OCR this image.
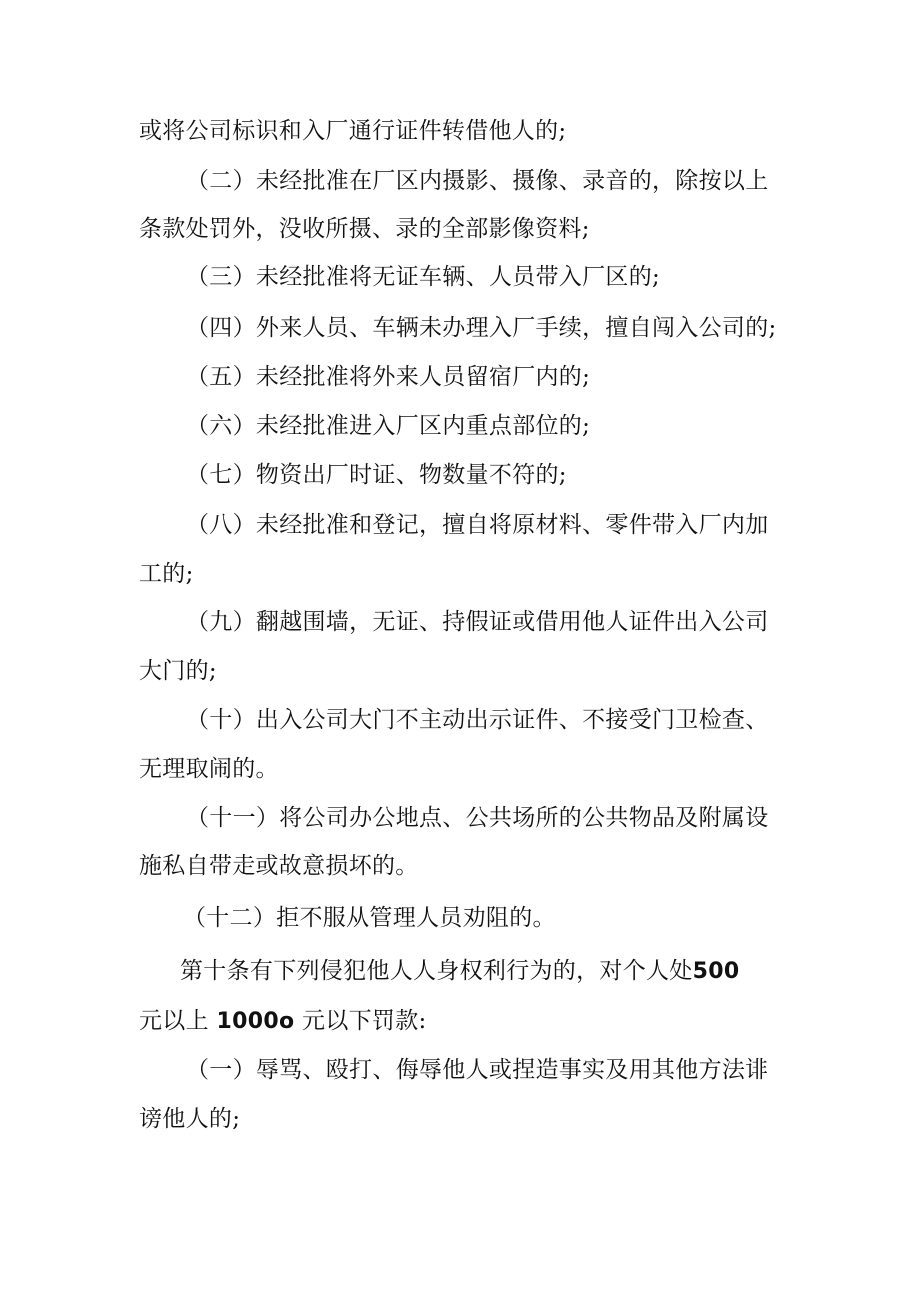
或将公司标识和入厂通行证件转借他人的;
（二）未经批准在厂区内摄影、摄像、录音的，除按以上
条款处罚外，没收所摄、录的全部影像资料;
（三）未经批准将无证车辆、人员带入厂区的;
（四）外来人员、车辆未办理入厂手续，擅自闯入公司的;
（五）未经批准将外来人员留宿厂内的;
（六）未经批准进入厂区内重点部位的;
（七）物资出厂时证、物数量不符的;
（八）未经批准和登记，擅自将原材料、零件带入厂内加
工的;
（九）翻越围墙，无证、持假证或借用他人证件出入公司
大门的;
（十）出入公司大门不主动出示证件、不接受门卫检查、
无理取闹的。
（十一）将公司办公地点、公共场所的公共物品及附属设
施私自带走或故意损坏的。
（十二）拒不服从管理人员劝阻的。
第十条有下列侵犯他人人身权利行为的，对个人处500
元以上 1000o 元以下罚款:
（一）辱骂、殴打、侮辱他人或捏造事实及用其他方法诽
谤他人的;
